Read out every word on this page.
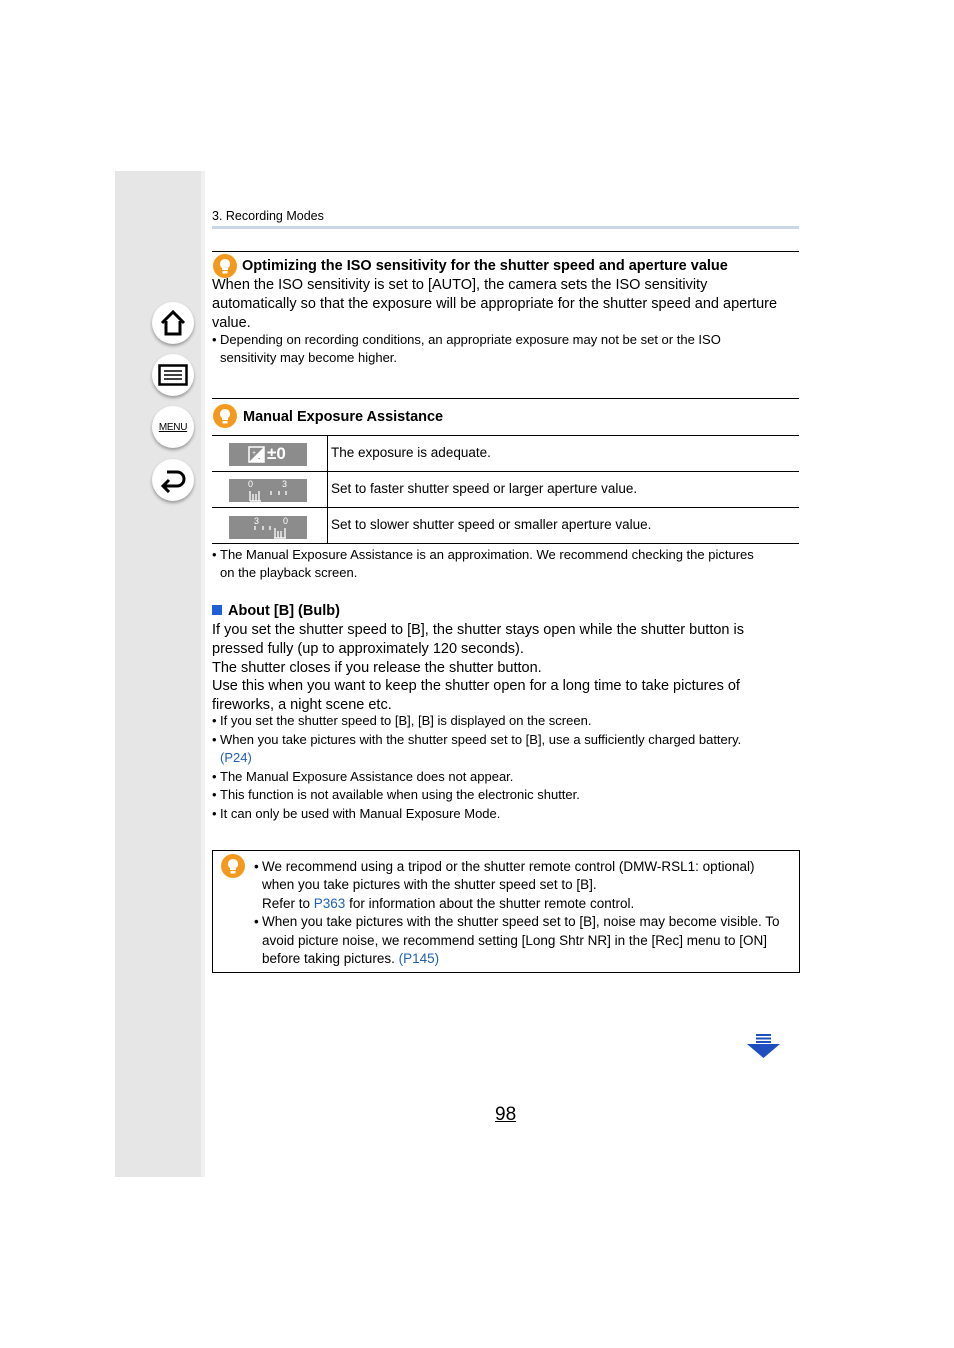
MENU
3. Recording Modes
Optimizing the ISO sensitivity for the shutter speed and aperture value
When the ISO sensitivity is set to [AUTO], the camera sets the ISO sensitivity
automatically so that the exposure will be appropriate for the shutter speed and aperture
value.
• Depending on recording conditions, an appropriate exposure may not be set or the ISO
sensitivity may become higher.
Manual Exposure Assistance
+
- ±0	The exposure is adequate.
0	3	Set to faster shutter speed or larger aperture value.
3	0	Set to slower shutter speed or smaller aperture value.
• The Manual Exposure Assistance is an approximation. We recommend checking the pictures
on the playback screen.
About [B] (Bulb)
If you set the shutter speed to [B], the shutter stays open while the shutter button is
pressed fully (up to approximately 120 seconds).
The shutter closes if you release the shutter button.
Use this when you want to keep the shutter open for a long time to take pictures of
fireworks, a night scene etc.
• If you set the shutter speed to [B], [B] is displayed on the screen.
• When you take pictures with the shutter speed set to [B], use a sufficiently charged battery.
(P24)
• The Manual Exposure Assistance does not appear.
• This function is not available when using the electronic shutter.
• It can only be used with Manual Exposure Mode.
• We recommend using a tripod or the shutter remote control (DMW-RSL1: optional)
when you take pictures with the shutter speed set to [B].
Refer to P363 for information about the shutter remote control.
• When you take pictures with the shutter speed set to [B], noise may become visible. To
avoid picture noise, we recommend setting [Long Shtr NR] in the [Rec] menu to [ON]
before taking pictures. (P145)
98
